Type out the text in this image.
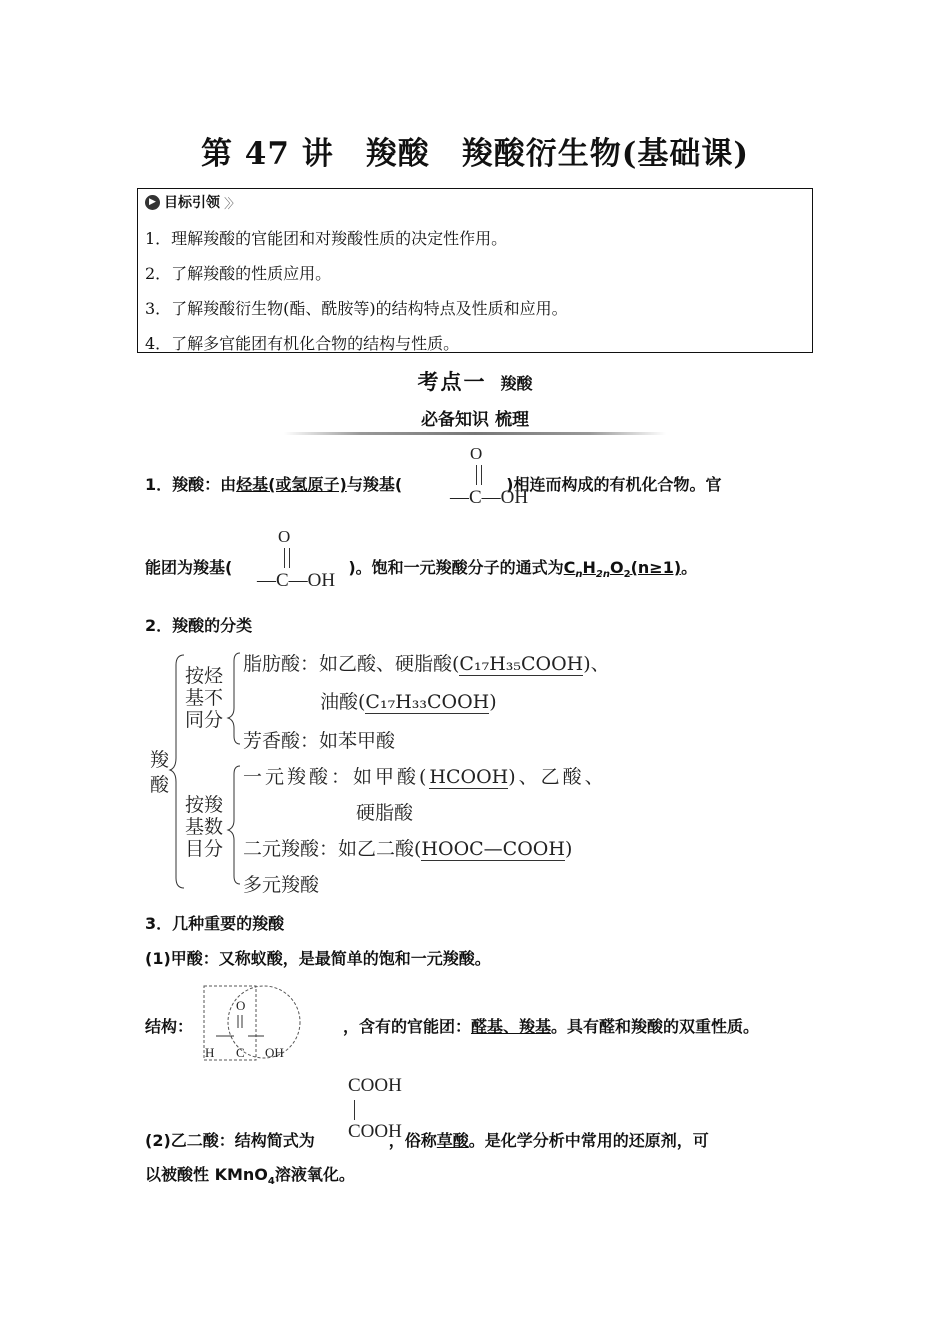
第 47 讲　羧酸　羧酸衍生物(基础课)
▶ 目标引领 〉〉
1．理解羧酸的官能团和对羧酸性质的决定性作用。
2．了解羧酸的性质应用。
3．了解羧酸衍生物(酯、酰胺等)的结构特点及性质和应用。
4．了解多官能团有机化合物的结构与性质。
考点一 羧酸
必备知识 梳理
1．羧酸：由烃基(或氢原子)与羧基(	)相连而构成的有机化合物。官
O
—C—OH
能团为羧基(	)。饱和一元羧酸分子的通式为$C_nH_{2n}O_2(n\ge 1)$。
O
—C—OH
2．羧酸的分类
羧
酸
按烃
基不
同分
按羧
基数
目分
脂肪酸：如乙酸、硬脂酸(C₁₇H₃₅COOH)、
油酸(C₁₇H₃₃COOH)
芳香酸：如苯甲酸
一元羧酸：如甲酸(HCOOH)、乙酸、
硬脂酸
二元羧酸：如乙二酸(HOOC—COOH)
多元羧酸
3．几种重要的羧酸
(1)甲酸：又称蚁酸，是最简单的饱和一元羧酸。
结构：	，含有的官能团：醛基、羧基。具有醛和羧酸的双重性质。
O
H C OH
COOH
COOH
(2)乙二酸：结构简式为	，俗称草酸。是化学分析中常用的还原剂，可
以被酸性 KMnO$_4$溶液氧化。
